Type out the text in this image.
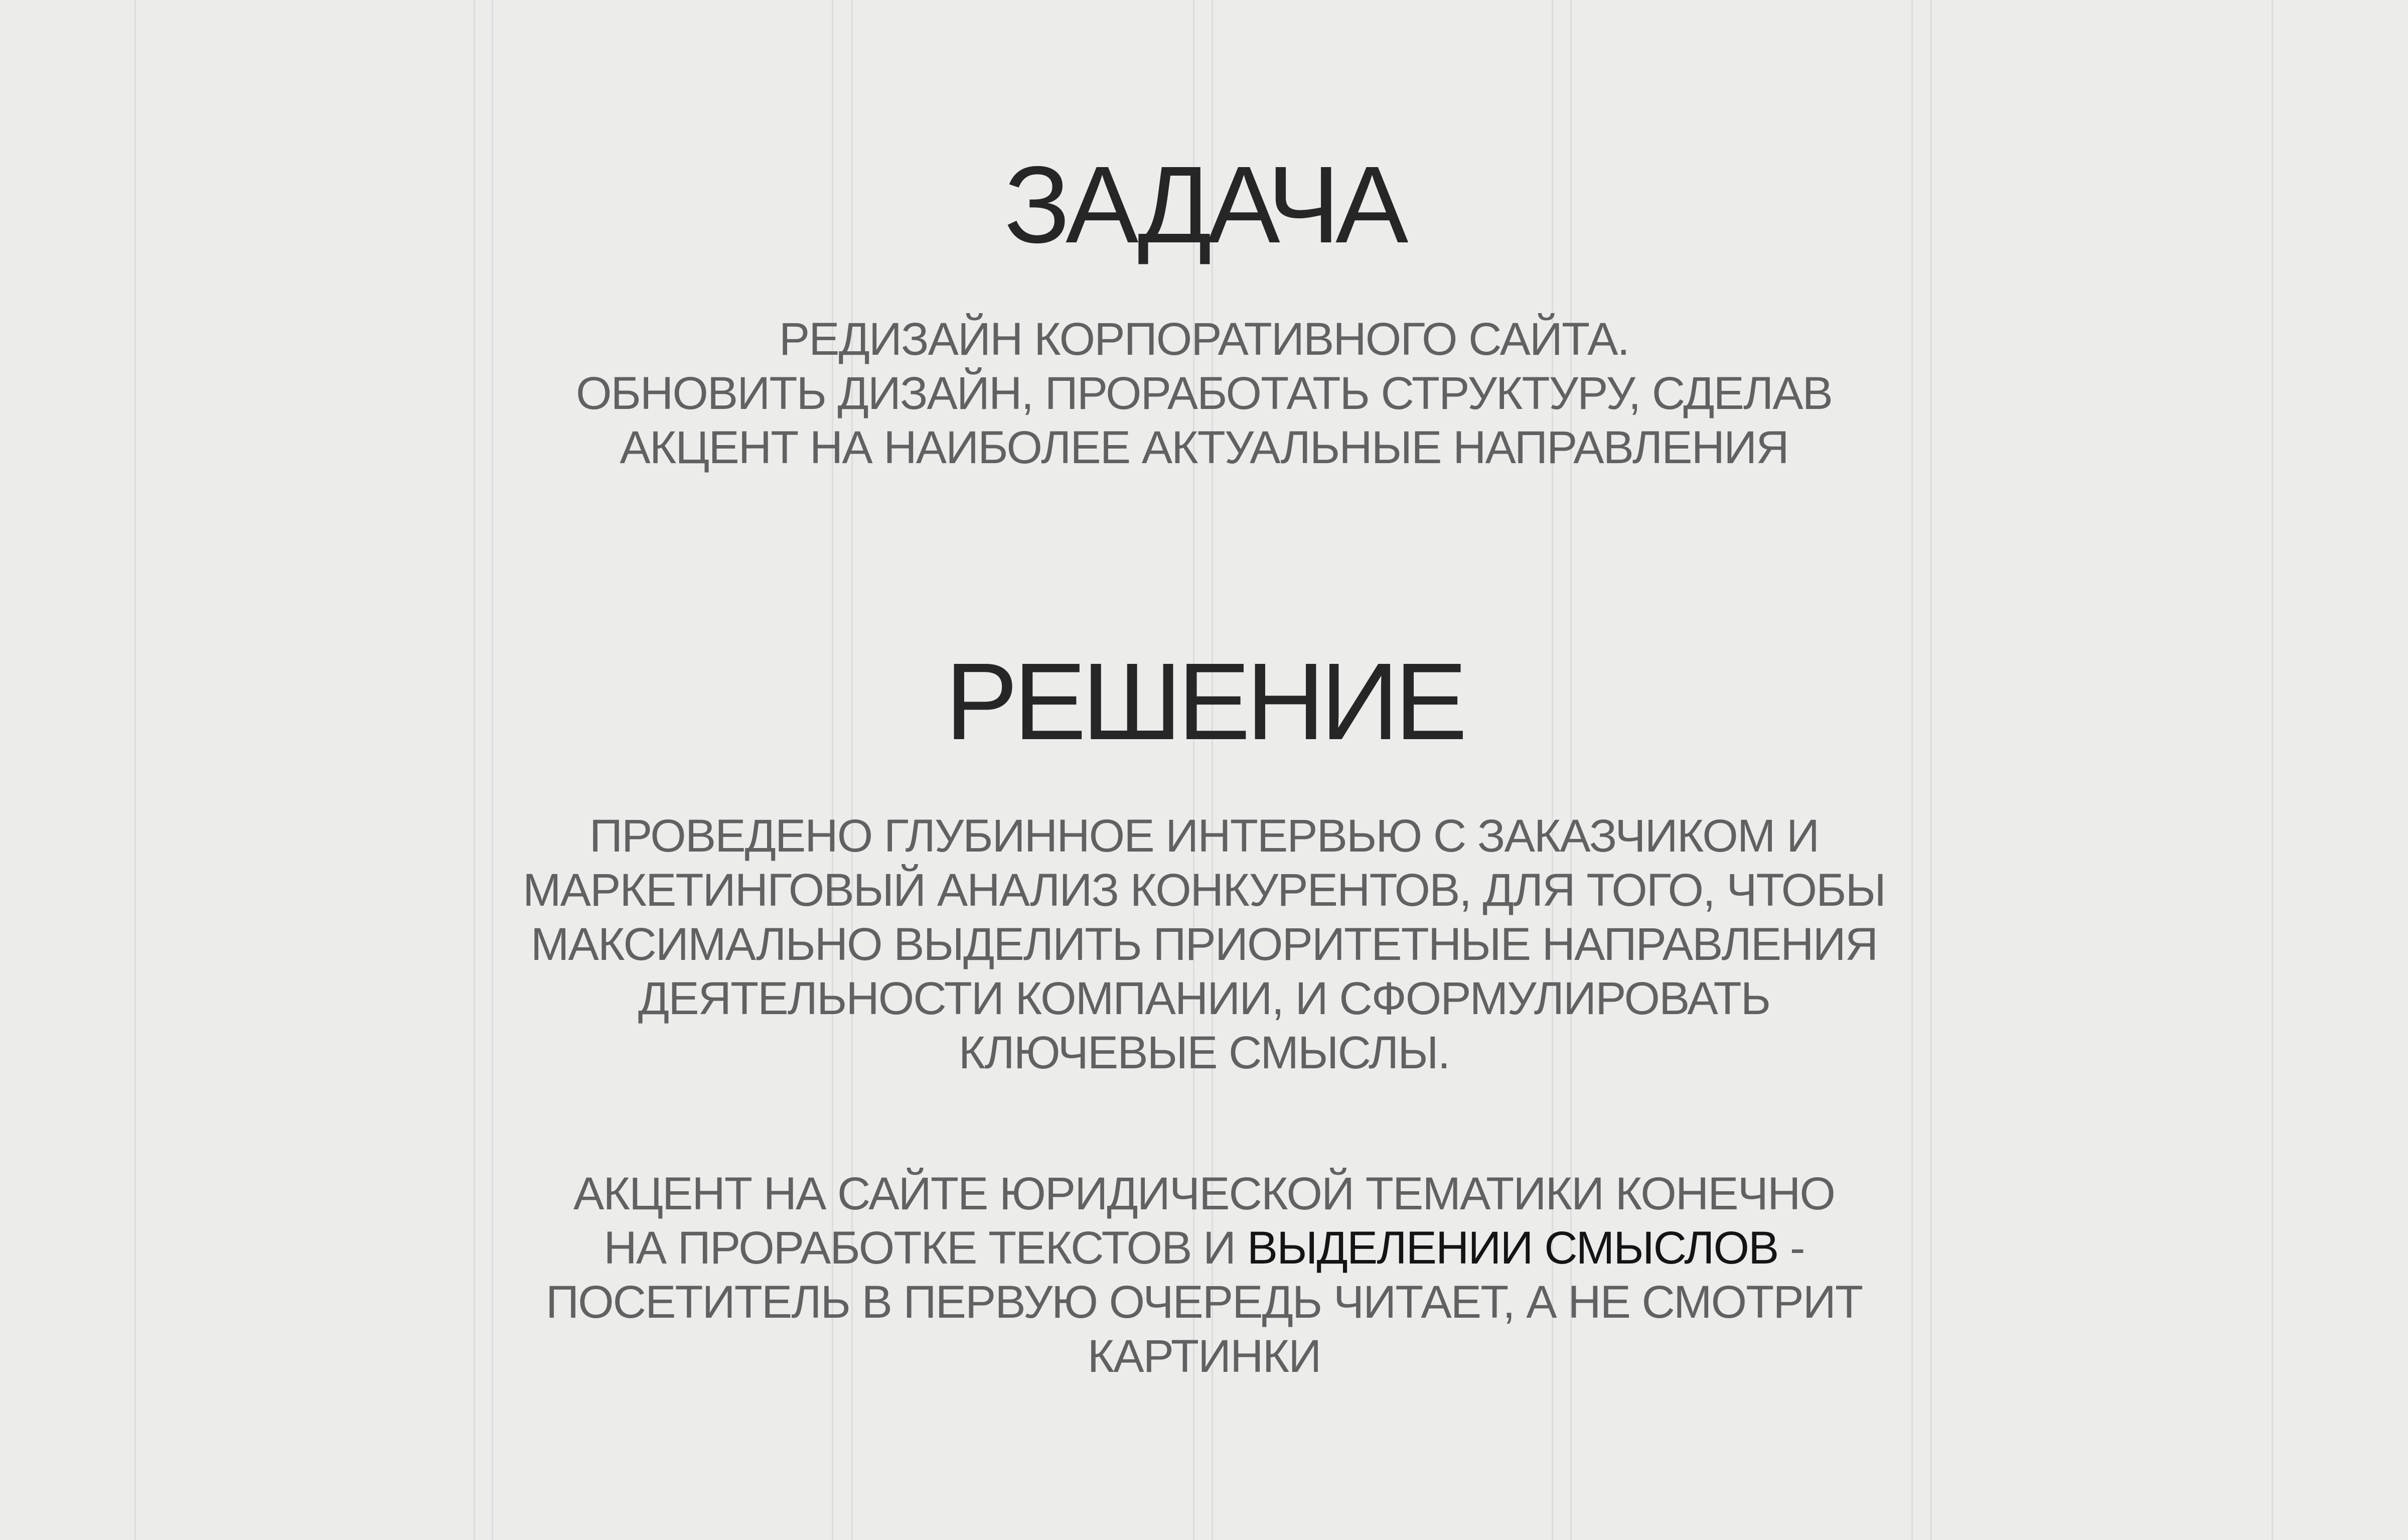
ЗАДАЧА

РЕДИЗАЙН КОРПОРАТИВНОГО САЙТА.
ОБНОВИТЬ ДИЗАЙН, ПРОРАБОТАТЬ СТРУКТУРУ, СДЕЛАВ
АКЦЕНТ НА НАИБОЛЕЕ АКТУАЛЬНЫЕ НАПРАВЛЕНИЯ

РЕШЕНИЕ

ПРОВЕДЕНО ГЛУБИННОЕ ИНТЕРВЬЮ С ЗАКАЗЧИКОМ И
МАРКЕТИНГОВЫЙ АНАЛИЗ КОНКУРЕНТОВ, ДЛЯ ТОГО, ЧТОБЫ
МАКСИМАЛЬНО ВЫДЕЛИТЬ ПРИОРИТЕТНЫЕ НАПРАВЛЕНИЯ
ДЕЯТЕЛЬНОСТИ КОМПАНИИ, И СФОРМУЛИРОВАТЬ
КЛЮЧЕВЫЕ СМЫСЛЫ.

АКЦЕНТ НА САЙТЕ ЮРИДИЧЕСКОЙ ТЕМАТИКИ КОНЕЧНО
НА ПРОРАБОТКЕ ТЕКСТОВ И ВЫДЕЛЕНИИ СМЫСЛОВ -
ПОСЕТИТЕЛЬ В ПЕРВУЮ ОЧЕРЕДЬ ЧИТАЕТ, А НЕ СМОТРИТ
КАРТИНКИ
